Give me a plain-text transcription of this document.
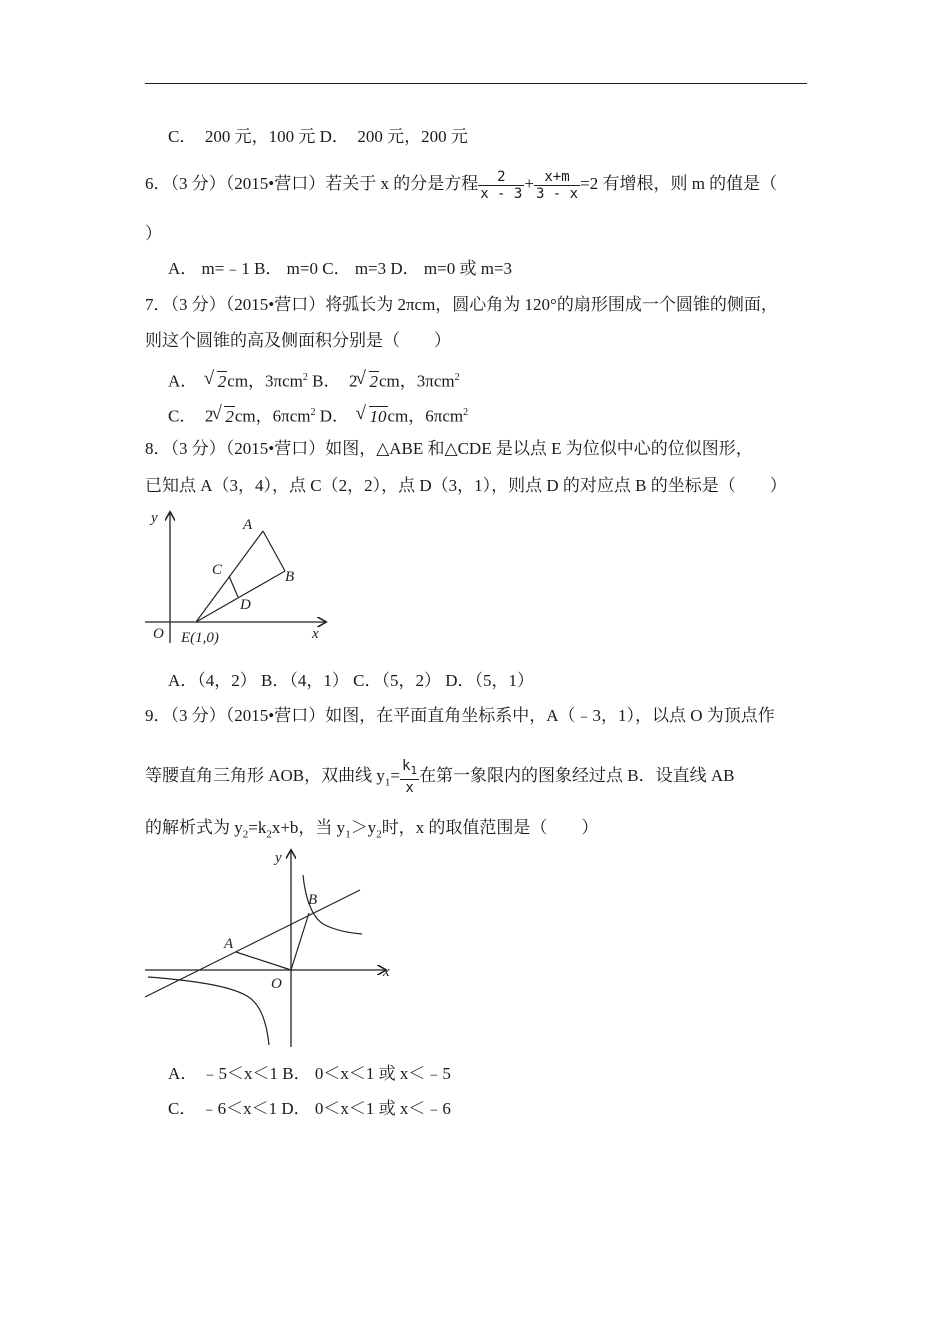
C． 200 元，100 元 D． 200 元，200 元
6．（3 分）（2015•营口）若关于 x 的分是方程 $\frac{2}{x - 3} + \frac{x+m}{3 - x} =2$ 有增根，则 m 的值是（
）
A． m=﹣1 B． m=0 C． m=3 D． m=0 或 m=3
7．（3 分）（2015•营口）将弧长为 2πcm，圆心角为 120°的扇形围成一个圆锥的侧面，
则这个圆锥的高及侧面积分别是（　　）
A． √ 2cm，3πcm$^2$ B． 2 √ 2cm，3πcm$^2$
C． 2 √ 2cm，6πcm$^2$ D． √ 10cm，6πcm$^2$
8．（3 分）（2015•营口）如图，△ABE 和△CDE 是以点 E 为位似中心的位似图形，
已知点 A（3，4），点 C（2，2），点 D（3，1），则点 D 的对应点 B 的坐标是（　　）
y
x
O E(1,0)
A
B
C
D
A．（4，2） B．（4，1） C．（5，2） D．（5，1）
9．（3 分）（2015•营口）如图，在平面直角坐标系中，A（﹣3，1），以点 O 为顶点作
等腰直角三角形 AOB，双曲线 $y_1= \frac{k_1}{x}$ 在第一象限内的图象经过点 B．设直线 AB
的解析式为 $y_2=k_2x+b$，当 $y_1>y_2$时，x 的取值范围是（　　）
y
x
O
A
B
A． ﹣5＜x＜1 B． 0＜x＜1 或 x＜﹣5
C． ﹣6＜x＜1 D． 0＜x＜1 或 x＜﹣6
